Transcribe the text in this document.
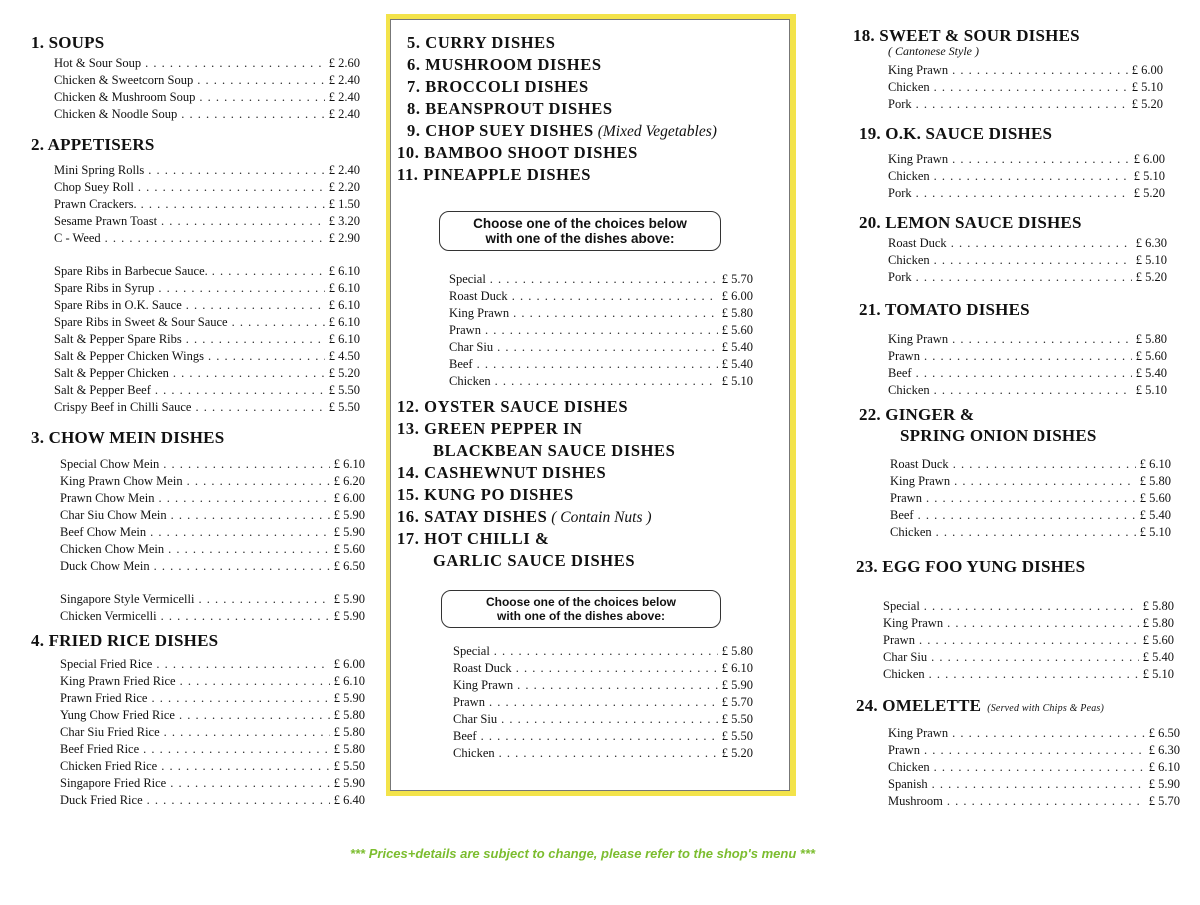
5. CURRY DISHES
6. MUSHROOM DISHES
7. BROCCOLI DISHES
8. BEANSPROUT DISHES
9. CHOP SUEY DISHES (Mixed Vegetables)
10. BAMBOO SHOOT DISHES
11. PINEAPPLE DISHES
Choose one of the choices below
with one of the dishes above:
Special . . .	£ 5.70
Roast Duck . . .	£ 6.00
King Prawn . . .	£ 5.80
Prawn . . .	£ 5.60
Char Siu . . .	£ 5.40
Beef . . .	£ 5.40
Chicken . . .	£ 5.10
12. OYSTER SAUCE DISHES
13. GREEN PEPPER IN
BLACKBEAN SAUCE DISHES
14. CASHEWNUT DISHES
15. KUNG PO DISHES
16. SATAY DISHES ( Contain Nuts )
17. HOT CHILLI &
GARLIC SAUCE DISHES
Choose one of the choices below
with one of the dishes above:
Special . . .	£ 5.80
Roast Duck . . .	£ 6.10
King Prawn . . .	£ 5.90
Prawn . . .	£ 5.70
Char Siu . . .	£ 5.50
Beef . . .	£ 5.50
Chicken . . .	£ 5.20
*** Prices+details are subject to change, please refer to the shop's menu ***
1. SOUPS
Hot & Sour Soup . . .	£ 2.60
Chicken & Sweetcorn Soup . . .	£ 2.40
Chicken & Mushroom Soup . . .	£ 2.40
Chicken & Noodle Soup . . .	£ 2.40
2. APPETISERS
Mini Spring Rolls . . .	£ 2.40
Chop Suey Roll . . .	£ 2.20
Prawn Crackers. . . .	£ 1.50
Sesame Prawn Toast . . .	£ 3.20
C - Weed . . .	£ 2.90
Spare Ribs in Barbecue Sauce. . . .	£ 6.10
Spare Ribs in Syrup . . .	£ 6.10
Spare Ribs in O.K. Sauce . . .	£ 6.10
Spare Ribs in Sweet & Sour Sauce . . .	£ 6.10
Salt & Pepper Spare Ribs . . .	£ 6.10
Salt & Pepper Chicken Wings . . .	£ 4.50
Salt & Pepper Chicken . . .	£ 5.20
Salt & Pepper Beef . . .	£ 5.50
Crispy Beef in Chilli Sauce . . .	£ 5.50
3. CHOW MEIN DISHES
Special Chow Mein . . .	£ 6.10
King Prawn Chow Mein . . .	£ 6.20
Prawn Chow Mein . . .	£ 6.00
Char Siu Chow Mein . . .	£ 5.90
Beef Chow Mein . . .	£ 5.90
Chicken Chow Mein . . .	£ 5.60
Duck Chow Mein . . .	£ 6.50
Singapore Style Vermicelli . . .	£ 5.90
Chicken Vermicelli . . .	£ 5.90
4. FRIED RICE DISHES
Special Fried Rice . . .	£ 6.00
King Prawn Fried Rice . . .	£ 6.10
Prawn Fried Rice . . .	£ 5.90
Yung Chow Fried Rice . . .	£ 5.80
Char Siu Fried Rice . . .	£ 5.80
Beef Fried Rice . . .	£ 5.80
Chicken Fried Rice . . .	£ 5.50
Singapore Fried Rice . . .	£ 5.90
Duck Fried Rice . . .	£ 6.40
18. SWEET & SOUR DISHES
( Cantonese Style )
King Prawn . . .	£ 6.00
Chicken . . .	£ 5.10
Pork . . .	£ 5.20
19. O.K. SAUCE DISHES
King Prawn . . .	£ 6.00
Chicken . . .	£ 5.10
Pork . . .	£ 5.20
20. LEMON SAUCE DISHES
Roast Duck . . .	£ 6.30
Chicken . . .	£ 5.10
Pork . . .	£ 5.20
21. TOMATO DISHES
King Prawn . . .	£ 5.80
Prawn . . .	£ 5.60
Beef . . .	£ 5.40
Chicken . . .	£ 5.10
22. GINGER &
SPRING ONION DISHES
Roast Duck . . .	£ 6.10
King Prawn . . .	£ 5.80
Prawn . . .	£ 5.60
Beef . . .	£ 5.40
Chicken . . .	£ 5.10
23. EGG FOO YUNG DISHES
Special . . .	£ 5.80
King Prawn . . .	£ 5.80
Prawn . . .	£ 5.60
Char Siu . . .	£ 5.40
Chicken . . .	£ 5.10
24. OMELETTE (Served with Chips & Peas)
King Prawn . . .	£ 6.50
Prawn . . .	£ 6.30
Chicken . . .	£ 6.10
Spanish . . .	£ 5.90
Mushroom . . .	£ 5.70
